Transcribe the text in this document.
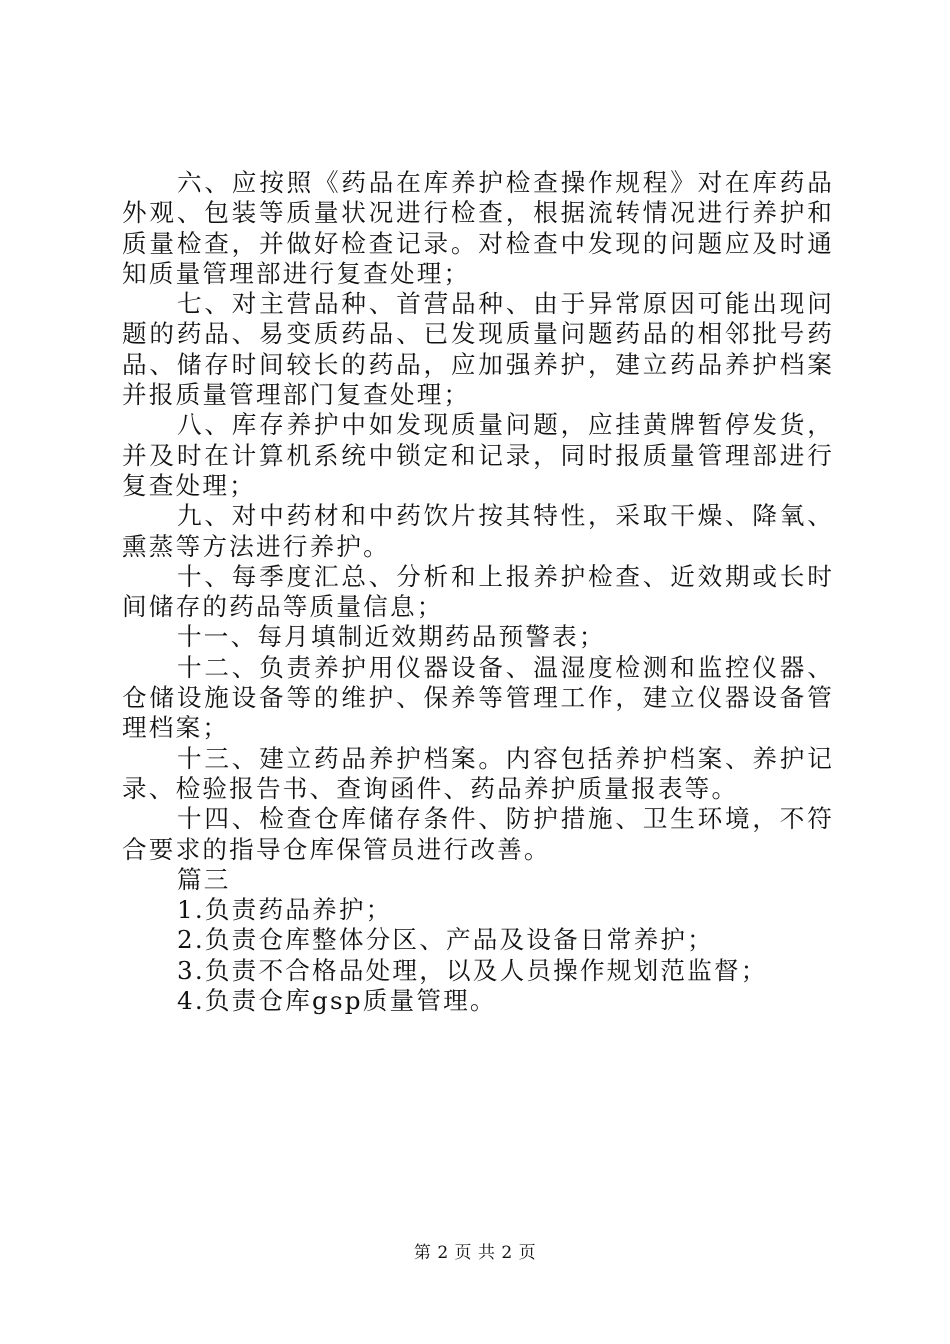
六、应按照《药品在库养护检查操作规程》对在库药品外观、包装等质量状况进行检查，根据流转情况进行养护和质量检查，并做好检查记录。对检查中发现的问题应及时通知质量管理部进行复查处理；

七、对主营品种、首营品种、由于异常原因可能出现问题的药品、易变质药品、已发现质量问题药品的相邻批号药品、储存时间较长的药品，应加强养护，建立药品养护档案并报质量管理部门复查处理；

八、库存养护中如发现质量问题，应挂黄牌暂停发货，并及时在计算机系统中锁定和记录，同时报质量管理部进行复查处理；

九、对中药材和中药饮片按其特性，采取干燥、降氧、熏蒸等方法进行养护。

十、每季度汇总、分析和上报养护检查、近效期或长时间储存的药品等质量信息；

十一、每月填制近效期药品预警表；

十二、负责养护用仪器设备、温湿度检测和监控仪器、仓储设施设备等的维护、保养等管理工作，建立仪器设备管理档案；

十三、建立药品养护档案。内容包括养护档案、养护记录、检验报告书、查询函件、药品养护质量报表等。

十四、检查仓库储存条件、防护措施、卫生环境，不符合要求的指导仓库保管员进行改善。

篇三

1.负责药品养护；

2.负责仓库整体分区、产品及设备日常养护；

3.负责不合格品处理，以及人员操作规划范监督；

4.负责仓库gsp质量管理。

第 2 页 共 2 页
